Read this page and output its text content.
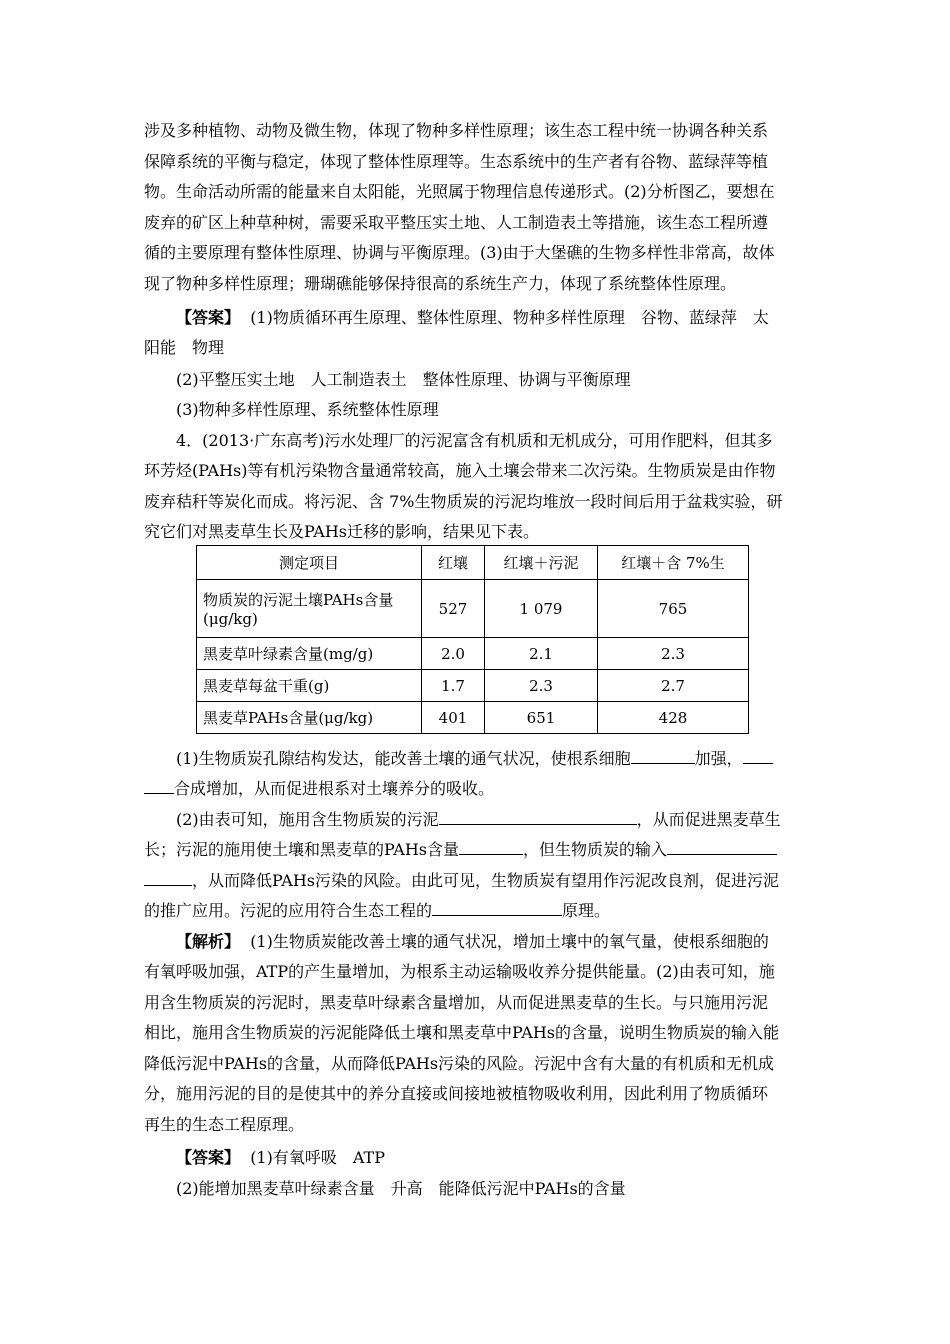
涉及多种植物、动物及微生物，体现了物种多样性原理；该生态工程中统一协调各种关系
保障系统的平衡与稳定，体现了整体性原理等。生态系统中的生产者有谷物、蓝绿萍等植
物。生命活动所需的能量来自太阳能，光照属于物理信息传递形式。(2)分析图乙，要想在
废弃的矿区上种草种树，需要采取平整压实土地、人工制造表土等措施，该生态工程所遵
循的主要原理有整体性原理、协调与平衡原理。(3)由于大堡礁的生物多样性非常高，故体
现了物种多样性原理；珊瑚礁能够保持很高的系统生产力，体现了系统整体性原理。
【答案】  (1)物质循环再生原理、整体性原理、物种多样性原理　谷物、蓝绿萍　太
阳能　物理
(2)平整压实土地　人工制造表土　整体性原理、协调与平衡原理
(3)物种多样性原理、系统整体性原理
4．(2013·广东高考)污水处理厂的污泥富含有机质和无机成分，可用作肥料，但其多
环芳烃(PAHs)等有机污染物含量通常较高，施入土壤会带来二次污染。生物质炭是由作物
废弃秸秆等炭化而成。将污泥、含 7%生物质炭的污泥均堆放一段时间后用于盆栽实验，研
究它们对黑麦草生长及PAHs迁移的影响，结果见下表。
测定项目	红壤	红壤＋污泥	红壤＋含 7%生
物质炭的污泥土壤PAHs含量
(μg/kg)	527	1 079	765
黑麦草叶绿素含量(mg/g)	2.0	2.1	2.3
黑麦草每盆干重(g)	1.7	2.3	2.7
黑麦草PAHs含量(μg/kg)	401	651	428
(1)生物质炭孔隙结构发达，能改善土壤的通气状况，使根系细胞	加强，
合成增加，从而促进根系对土壤养分的吸收。
(2)由表可知，施用含生物质炭的污泥	，从而促进黑麦草生
长；污泥的施用使土壤和黑麦草的PAHs含量	，但生物质炭的输入
，从而降低PAHs污染的风险。由此可见，生物质炭有望用作污泥改良剂，促进污泥
的推广应用。污泥的应用符合生态工程的	原理。
【解析】  (1)生物质炭能改善土壤的通气状况，增加土壤中的氧气量，使根系细胞的
有氧呼吸加强，ATP的产生量增加，为根系主动运输吸收养分提供能量。(2)由表可知，施
用含生物质炭的污泥时，黑麦草叶绿素含量增加，从而促进黑麦草的生长。与只施用污泥
相比，施用含生物质炭的污泥能降低土壤和黑麦草中PAHs的含量，说明生物质炭的输入能
降低污泥中PAHs的含量，从而降低PAHs污染的风险。污泥中含有大量的有机质和无机成
分，施用污泥的目的是使其中的养分直接或间接地被植物吸收利用，因此利用了物质循环
再生的生态工程原理。
【答案】  (1)有氧呼吸　ATP
(2)能增加黑麦草叶绿素含量　升高　能降低污泥中PAHs的含量
